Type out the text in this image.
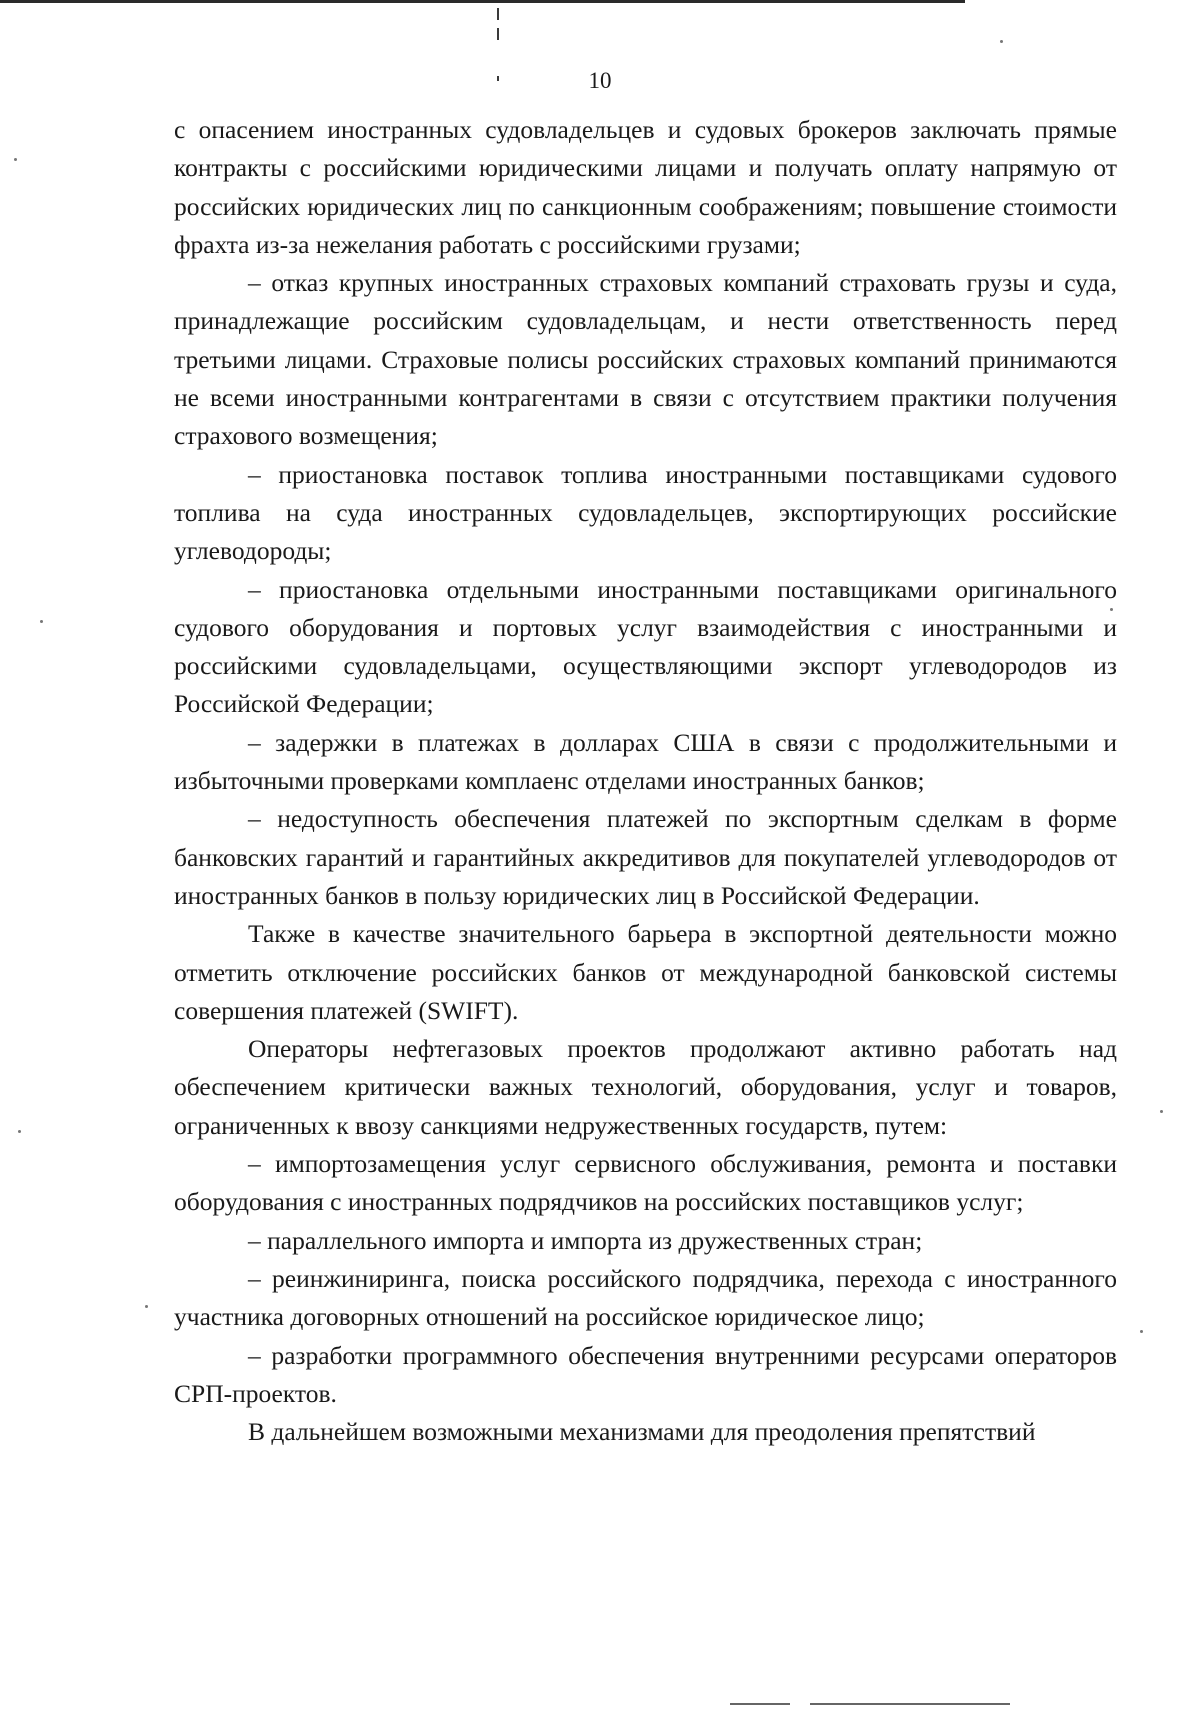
10

с опасением иностранных судовладельцев и судовых брокеров заключать прямые контракты с российскими юридическими лицами и получать оплату напрямую от российских юридических лиц по санкционным соображениям; повышение стоимости фрахта из-за нежелания работать с российскими грузами;

– отказ крупных иностранных страховых компаний страховать грузы и суда, принадлежащие российским судовладельцам, и нести ответственность перед третьими лицами. Страховые полисы российских страховых компаний принимаются не всеми иностранными контрагентами в связи с отсутствием практики получения страхового возмещения;

– приостановка поставок топлива иностранными поставщиками судового топлива на суда иностранных судовладельцев, экспортирующих российские углеводороды;

– приостановка отдельными иностранными поставщиками оригинального судового оборудования и портовых услуг взаимодействия с иностранными и российскими судовладельцами, осуществляющими экспорт углеводородов из Российской Федерации;

– задержки в платежах в долларах США в связи с продолжительными и избыточными проверками комплаенс отделами иностранных банков;

– недоступность обеспечения платежей по экспортным сделкам в форме банковских гарантий и гарантийных аккредитивов для покупателей углеводородов от иностранных банков в пользу юридических лиц в Российской Федерации.

Также в качестве значительного барьера в экспортной деятельности можно отметить отключение российских банков от международной банковской системы совершения платежей (SWIFT).

Операторы нефтегазовых проектов продолжают активно работать над обеспечением критически важных технологий, оборудования, услуг и товаров, ограниченных к ввозу санкциями недружественных государств, путем:

– импортозамещения услуг сервисного обслуживания, ремонта и поставки оборудования с иностранных подрядчиков на российских поставщиков услуг;

– параллельного импорта и импорта из дружественных стран;

– реинжиниринга, поиска российского подрядчика, перехода с иностранного участника договорных отношений на российское юридическое лицо;

– разработки программного обеспечения внутренними ресурсами операторов СРП-проектов.

В дальнейшем возможными механизмами для преодоления препятствий
